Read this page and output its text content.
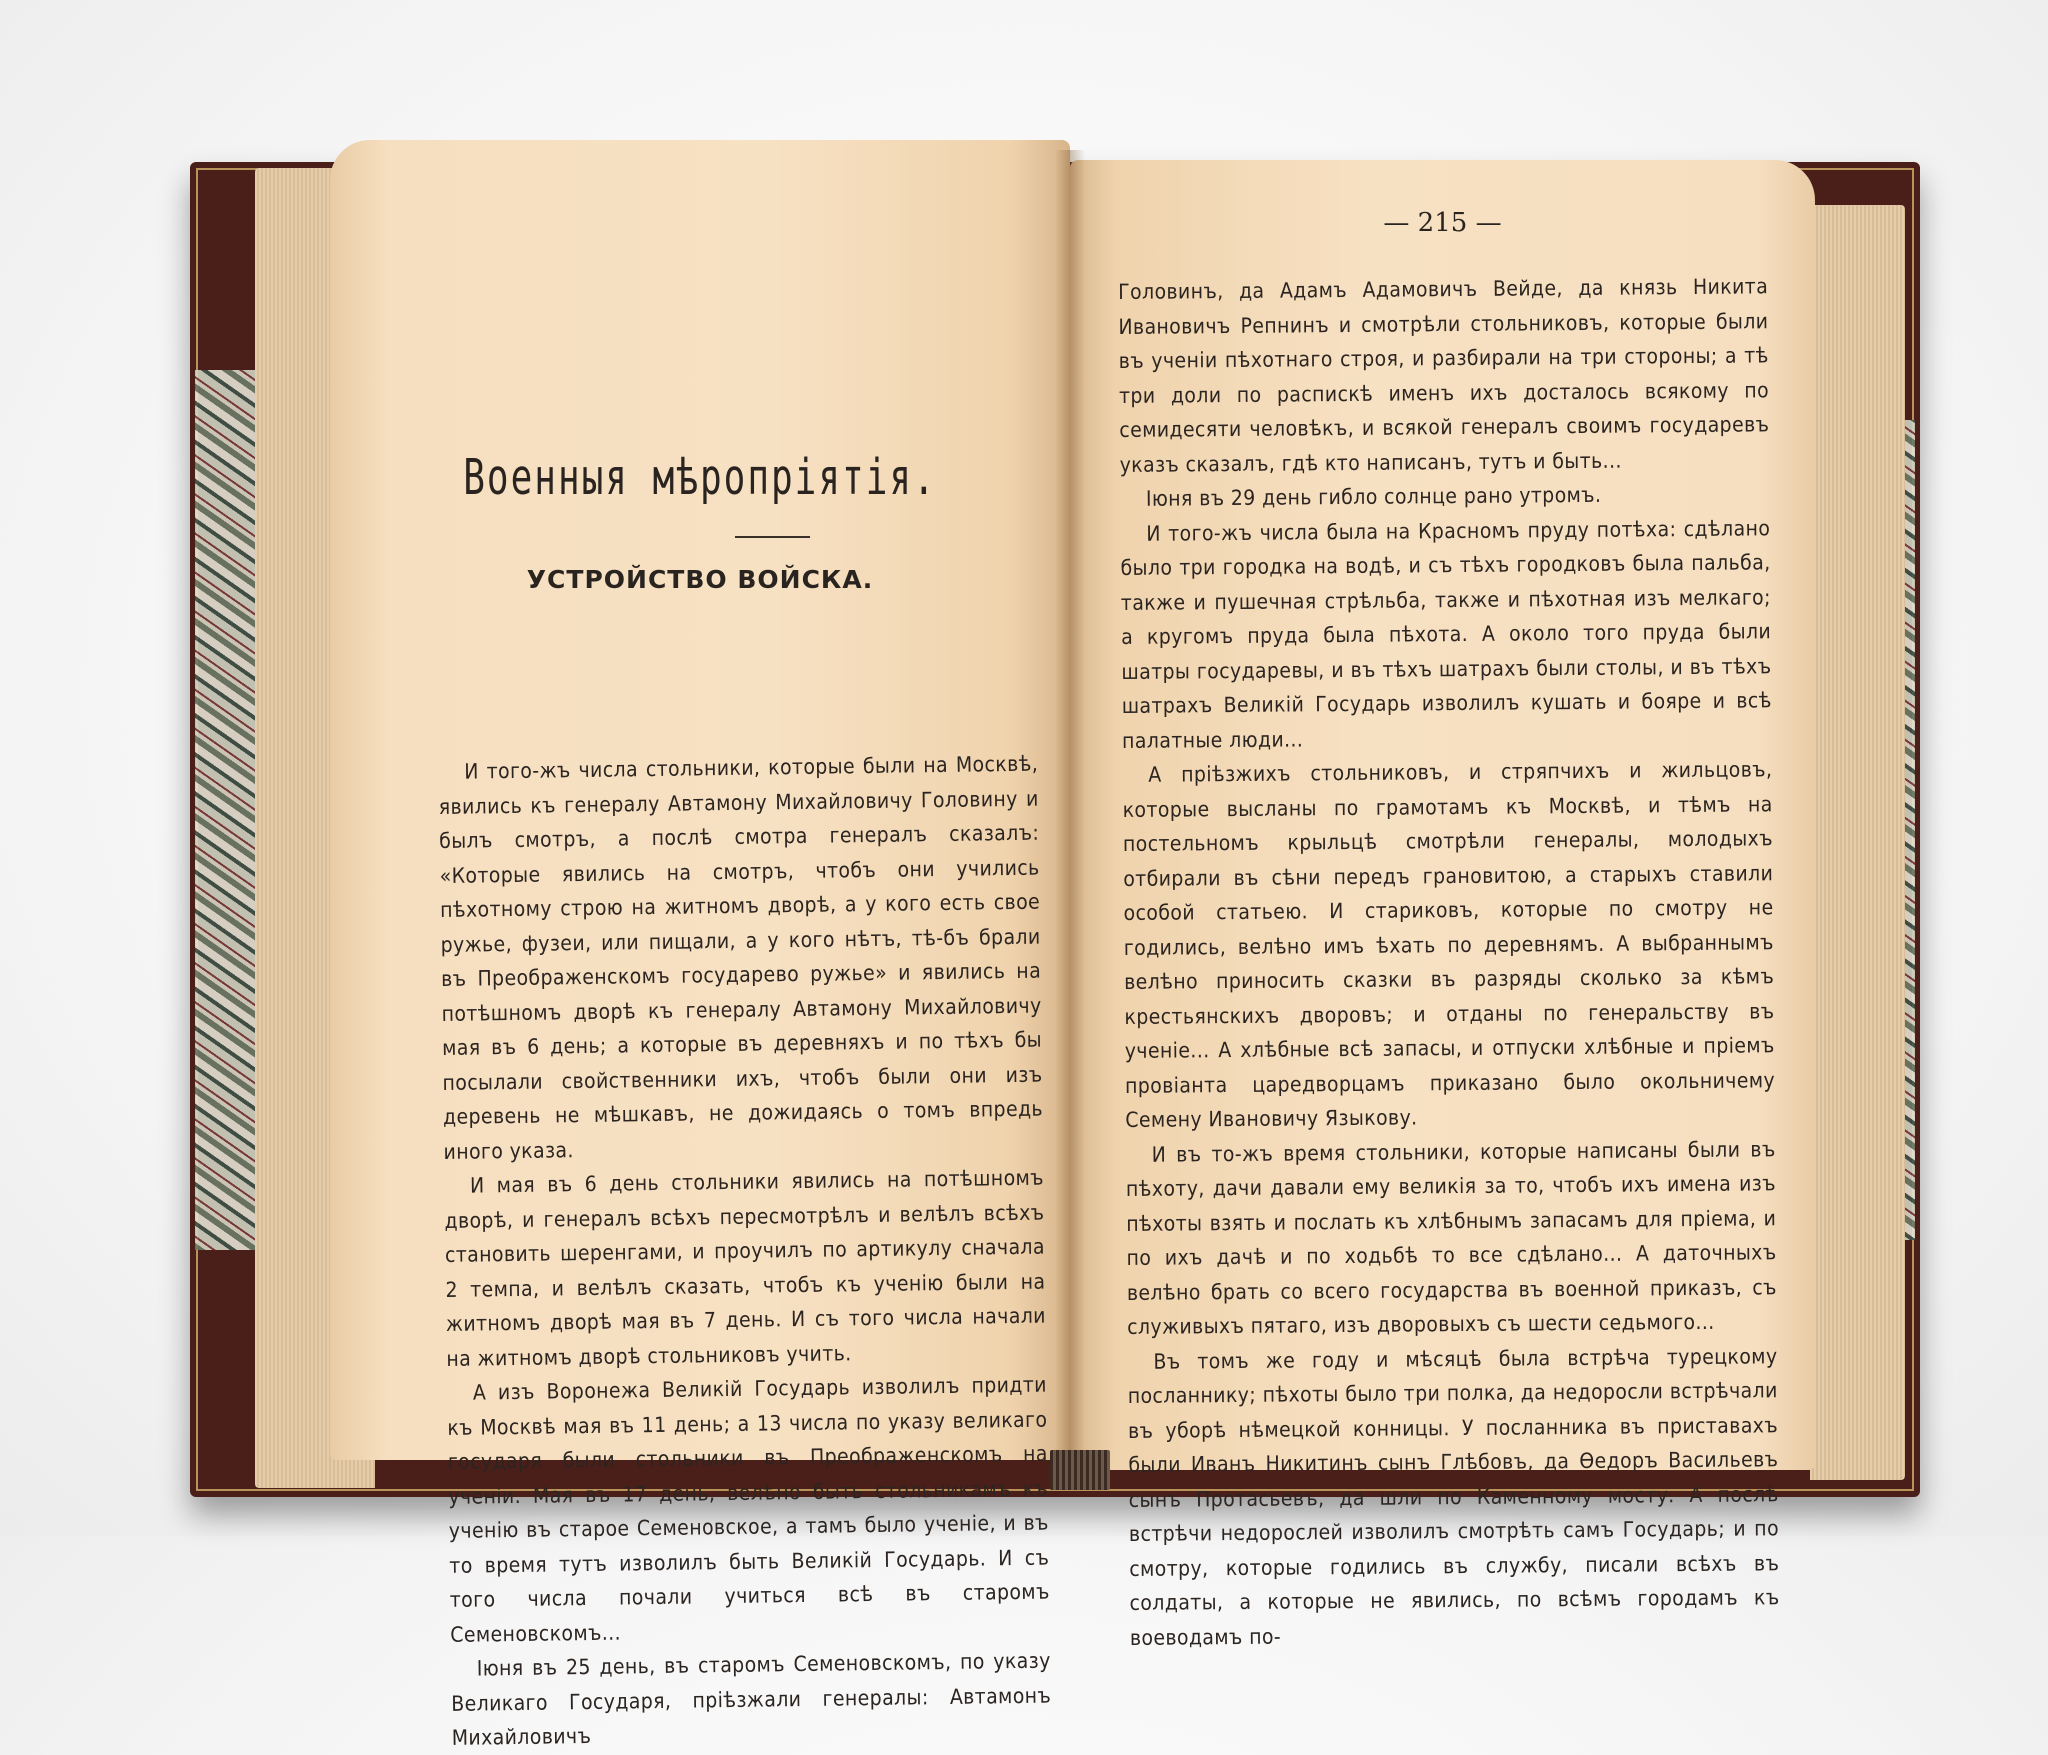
Военныя мѣропріятія.
УСТРОЙСТВО ВОЙСКА.

И того-жъ числа стольники, которые были на Москвѣ, явились къ генералу Автамону Михайловичу Головину и былъ смотръ, а послѣ смотра генералъ сказалъ: «Которые явились на смотръ, чтобъ они учились пѣхотному строю на житномъ дворѣ, а у кого есть свое ружье, фузеи, или пищали, а у кого нѣтъ, тѣ-бъ брали въ Преображенскомъ государево ружье» и явились на потѣшномъ дворѣ къ генералу Автамону Михайловичу мая въ 6 день; а которые въ деревняхъ и по тѣхъ бы посылали свойственники ихъ, чтобъ были они изъ деревень не мѣшкавъ, не дожидаясь о томъ впредь иного указа.

И мая въ 6 день стольники явились на потѣшномъ дворѣ, и генералъ всѣхъ пересмотрѣлъ и велѣлъ всѣхъ становить шеренгами, и проучилъ по артикулу сначала 2 темпа, и велѣлъ сказать, чтобъ къ ученію были на житномъ дворѣ мая въ 7 день. И съ того числа начали на житномъ дворѣ стольниковъ учить.

А изъ Воронежа Великій Государь изволилъ придти къ Москвѣ мая въ 11 день; а 13 числа по указу великаго государя были стольники въ Преображенскомъ на ученіи. Мая въ 17 день, велѣно быть стольникамъ къ ученію въ старое Семеновское, а тамъ было ученіе, и въ то время тутъ изволилъ быть Великій Государь. И съ того числа почали учиться всѣ въ старомъ Семеновскомъ...

Іюня въ 25 день, въ старомъ Семеновскомъ, по указу Великаго Государя, пріѣзжали генералы: Автамонъ Михайловичъ

— 215 —

Головинъ, да Адамъ Адамовичъ Вейде, да князь Никита Ивановичъ Репнинъ и смотрѣли стольниковъ, которые были въ ученіи пѣхотнаго строя, и разбирали на три стороны; а тѣ три доли по распискѣ именъ ихъ досталось всякому по семидесяти человѣкъ, и всякой генералъ своимъ государевъ указъ сказалъ, гдѣ кто написанъ, тутъ и быть...

Іюня въ 29 день гибло солнце рано утромъ.

И того-жъ числа была на Красномъ пруду потѣха: сдѣлано было три городка на водѣ, и съ тѣхъ городковъ была пальба, также и пушечная стрѣльба, также и пѣхотная изъ мелкаго; а кругомъ пруда была пѣхота. А около того пруда были шатры государевы, и въ тѣхъ шатрахъ были столы, и въ тѣхъ шатрахъ Великій Государь изволилъ кушать и бояре и всѣ палатные люди...

А пріѣзжихъ стольниковъ, и стряпчихъ и жильцовъ, которые высланы по грамотамъ къ Москвѣ, и тѣмъ на постельномъ крыльцѣ смотрѣли генералы, молодыхъ отбирали въ сѣни передъ грановитою, а старыхъ ставили особой статьею. И стариковъ, которые по смотру не годились, велѣно имъ ѣхать по деревнямъ. А выбраннымъ велѣно приносить сказки въ разряды сколько за кѣмъ крестьянскихъ дворовъ; и отданы по генеральству въ ученіе... А хлѣбные всѣ запасы, и отпуски хлѣбные и пріемъ провіанта царедворцамъ приказано было окольничему Семену Ивановичу Языкову.

И въ то-жъ время стольники, которые написаны были въ пѣхоту, дачи давали ему великія за то, чтобъ ихъ имена изъ пѣхоты взять и послать къ хлѣбнымъ запасамъ для пріема, и по ихъ дачѣ и по ходьбѣ то все сдѣлано... А даточныхъ велѣно брать со всего государства въ военной приказъ, съ служивыхъ пятаго, изъ дворовыхъ съ шести седьмого...

Въ томъ же году и мѣсяцѣ была встрѣча турецкому посланнику; пѣхоты было три полка, да недоросли встрѣчали въ уборѣ нѣмецкой конницы. У посланника въ приставахъ были Иванъ Никитинъ сынъ Глѣбовъ, да Ѳедоръ Васильевъ сынъ Протасьевъ, да шли по Каменному мосту. А послѣ встрѣчи недорослей изволилъ смотрѣть самъ Государь; и по смотру, которые годились въ службу, писали всѣхъ въ солдаты, а которые не явились, по всѣмъ городамъ къ воеводамъ по-
